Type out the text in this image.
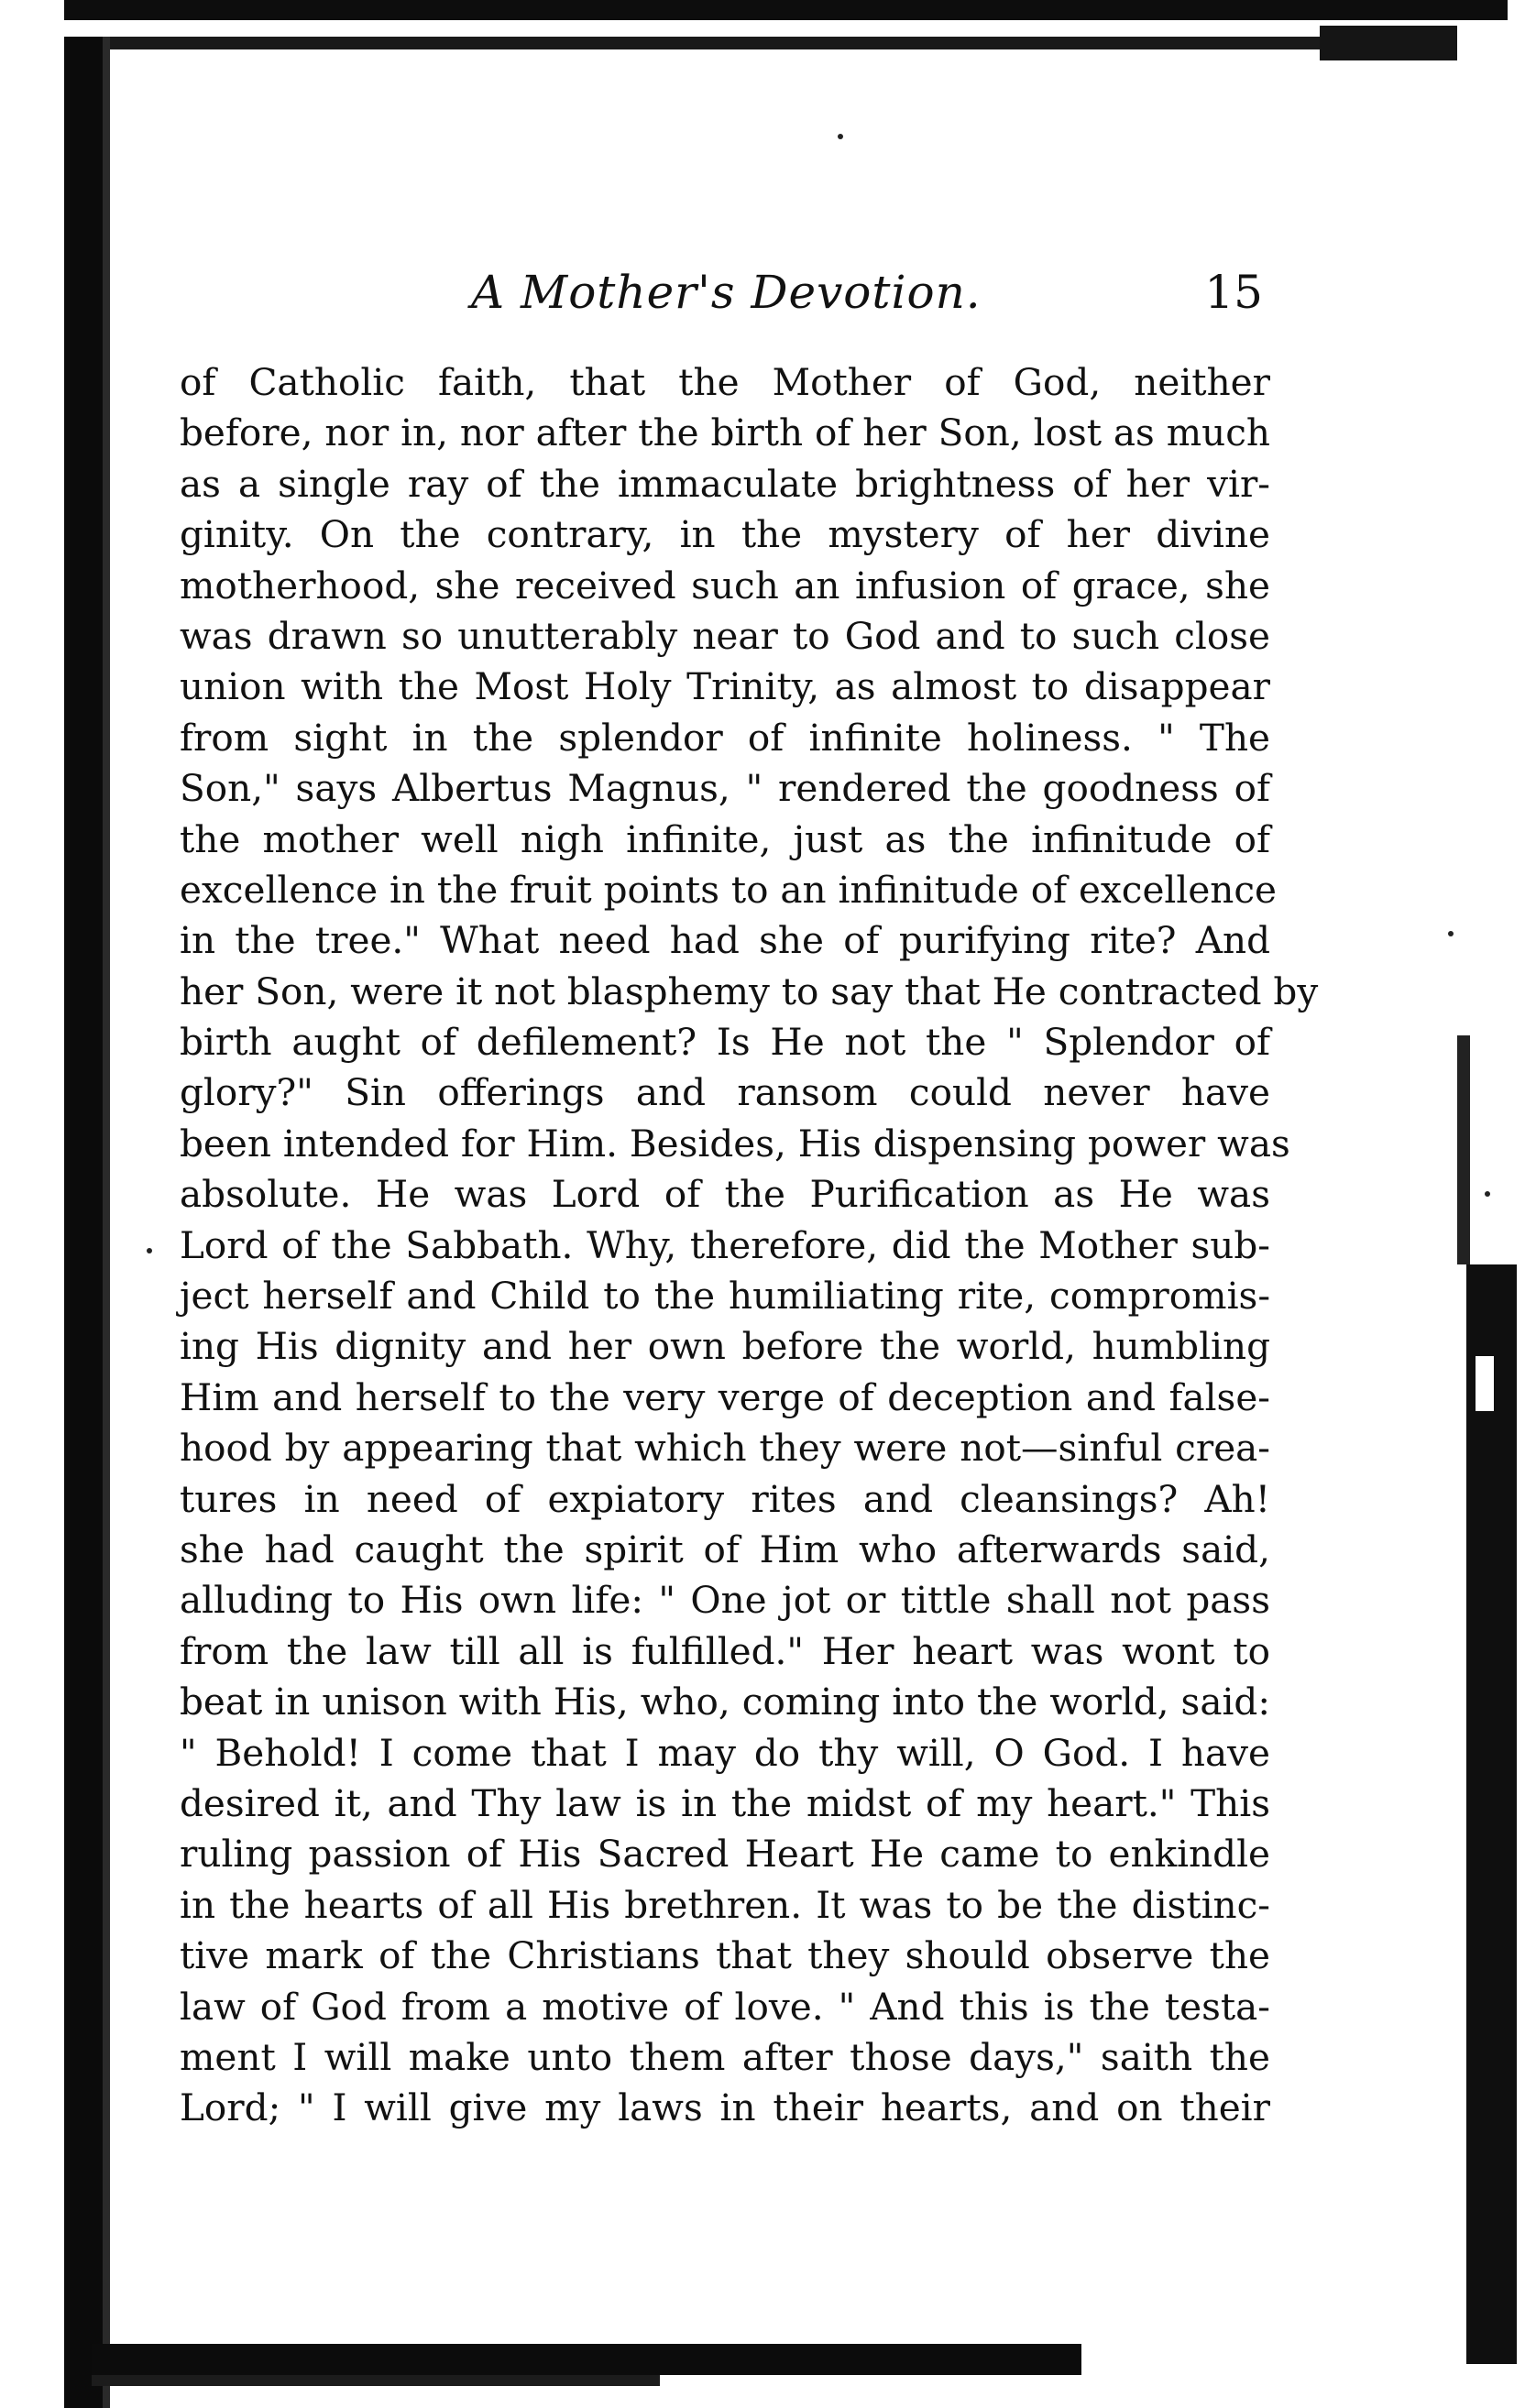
A Mother's Devotion.	15
of Catholic faith, that the Mother of God, neither
before, nor in, nor after the birth of her Son, lost as much
as a single ray of the immaculate brightness of her vir-
ginity. On the contrary, in the mystery of her divine
motherhood, she received such an infusion of grace, she
was drawn so unutterably near to God and to such close
union with the Most Holy Trinity, as almost to disappear
from sight in the splendor of infinite holiness. " The
Son," says Albertus Magnus, " rendered the goodness of
the mother well nigh infinite, just as the infinitude of
excellence in the fruit points to an infinitude of excellence
in the tree." What need had she of purifying rite? And
her Son, were it not blasphemy to say that He contracted by
birth aught of defilement? Is He not the " Splendor of
glory?" Sin offerings and ransom could never have
been intended for Him. Besides, His dispensing power was
absolute. He was Lord of the Purification as He was
Lord of the Sabbath. Why, therefore, did the Mother sub-
ject herself and Child to the humiliating rite, compromis-
ing His dignity and her own before the world, humbling
Him and herself to the very verge of deception and false-
hood by appearing that which they were not—sinful crea-
tures in need of expiatory rites and cleansings? Ah!
she had caught the spirit of Him who afterwards said,
alluding to His own life: " One jot or tittle shall not pass
from the law till all is fulfilled." Her heart was wont to
beat in unison with His, who, coming into the world, said:
" Behold! I come that I may do thy will, O God. I have
desired it, and Thy law is in the midst of my heart." This
ruling passion of His Sacred Heart He came to enkindle
in the hearts of all His brethren. It was to be the distinc-
tive mark of the Christians that they should observe the
law of God from a motive of love. " And this is the testa-
ment I will make unto them after those days," saith the
Lord; " I will give my laws in their hearts, and on their
